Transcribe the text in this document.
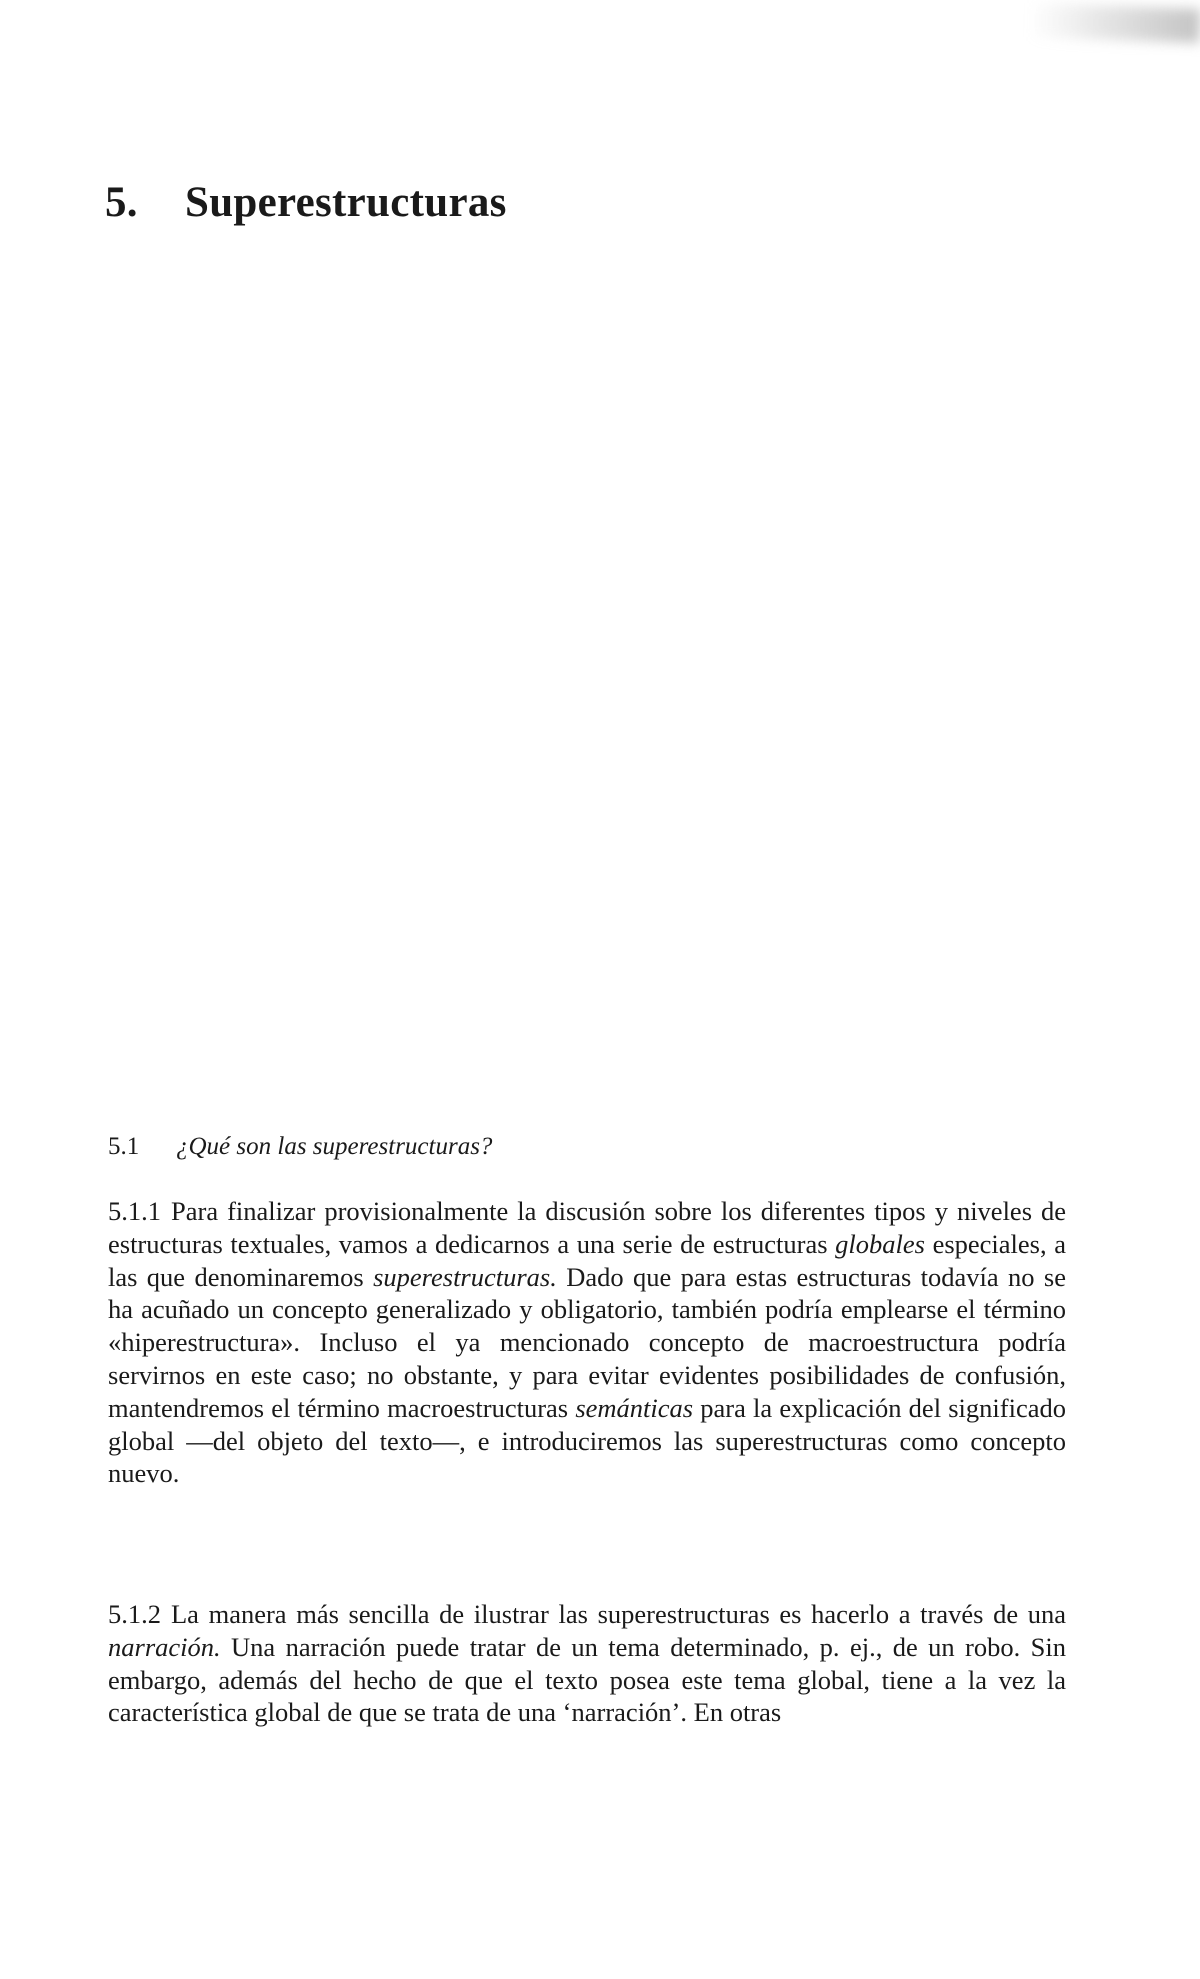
5. Superestructuras
5.1 ¿Qué son las superestructuras?

5.1.1 Para finalizar provisionalmente la discusión sobre los diferentes tipos y niveles de estructuras textuales, vamos a dedicarnos a una serie de estructuras globales especiales, a las que denominaremos superestructuras. Dado que para estas estructuras todavía no se ha acuñado un concepto generalizado y obligatorio, también podría emplearse el término «hiperestructura». Incluso el ya mencionado concepto de macroestructura podría servirnos en este caso; no obstante, y para evitar evidentes posibilidades de confusión, mantendremos el término macroestructuras semánticas para la explicación del significado global —del objeto del texto—, e introduciremos las superestructuras como concepto nuevo.

5.1.2 La manera más sencilla de ilustrar las superestructuras es hacerlo a través de una narración. Una narración puede tratar de un tema determinado, p. ej., de un robo. Sin embargo, además del hecho de que el texto posea este tema global, tiene a la vez la característica global de que se trata de una ‘narración’. En otras
